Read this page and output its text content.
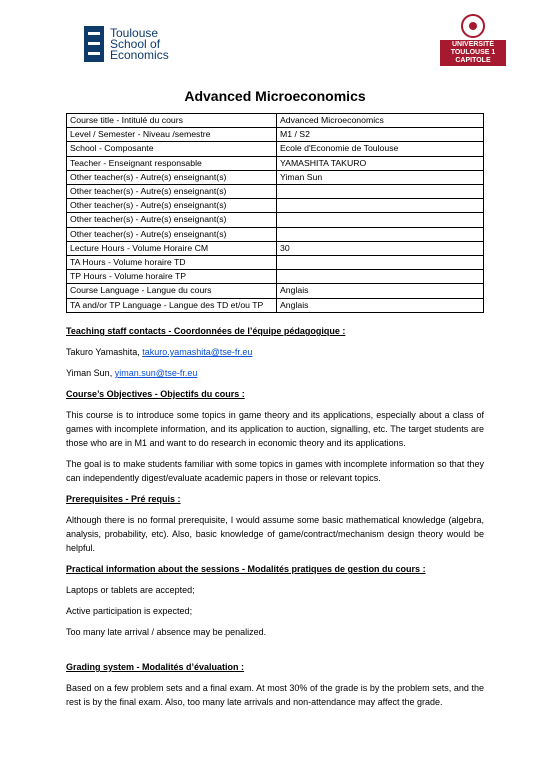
Toulouse
School of
Economics
UNIVERSITÉ
TOULOUSE 1
CAPITOLE
Advanced Microeconomics
Course title - Intitulé du cours	Advanced Microeconomics
Level / Semester - Niveau /semestre	M1 / S2
School - Composante	Ecole d'Economie de Toulouse
Teacher - Enseignant responsable	YAMASHITA TAKURO
Other teacher(s) - Autre(s) enseignant(s)	Yiman Sun
Other teacher(s) - Autre(s) enseignant(s)	
Other teacher(s) - Autre(s) enseignant(s)	
Other teacher(s) - Autre(s) enseignant(s)	
Other teacher(s) - Autre(s) enseignant(s)	
Lecture Hours - Volume Horaire CM	30
TA Hours - Volume horaire TD	
TP Hours - Volume horaire TP	
Course Language - Langue du cours	Anglais
TA and/or TP Language - Langue des TD et/ou TP	Anglais

Teaching staff contacts - Coordonnées de l’équipe pédagogique :

Takuro Yamashita, takuro.yamashita@tse-fr.eu

Yiman Sun, yiman.sun@tse-fr.eu

Course’s Objectives - Objectifs du cours :

This course is to introduce some topics in game theory and its applications, especially about a class of games with incomplete information, and its application to auction, signalling, etc. The target students are those who are in M1 and want to do research in economic theory and its applications.

The goal is to make students familiar with some topics in games with incomplete information so that they can independently digest/evaluate academic papers in those or relevant topics.

Prerequisites - Pré requis :

Although there is no formal prerequisite, I would assume some basic mathematical knowledge (algebra, analysis, probability, etc). Also, basic knowledge of game/contract/mechanism design theory would be helpful.

Practical information about the sessions - Modalités pratiques de gestion du cours :

Laptops or tablets are accepted;

Active participation is expected;

Too many late arrival / absence may be penalized.

Grading system - Modalités d’évaluation :

Based on a few problem sets and a final exam. At most 30% of the grade is by the problem sets, and the rest is by the final exam. Also, too many late arrivals and non-attendance may affect the grade.
